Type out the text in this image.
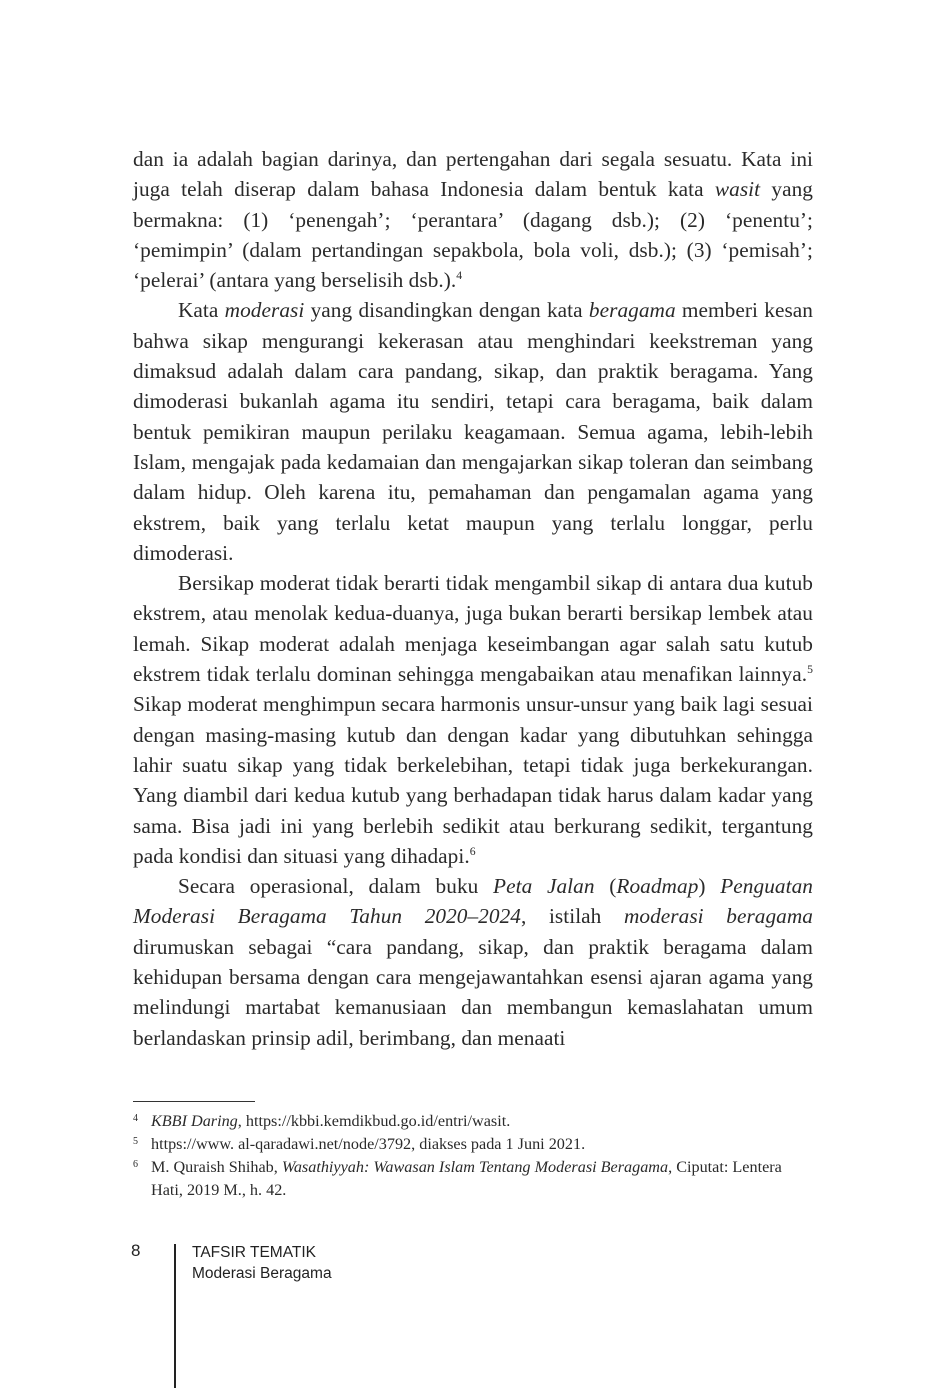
dan ia adalah bagian darinya, dan pertengahan dari segala sesuatu. Kata ini juga telah diserap dalam bahasa Indonesia dalam bentuk kata wasit yang bermakna: (1) ‘penengah’; ‘perantara’ (dagang dsb.); (2) ‘penentu’; ‘pemimpin’ (dalam pertandingan sepakbola, bola voli, dsb.); (3) ‘pemisah’; ‘pelerai’ (antara yang berselisih dsb.).$^4$

Kata moderasi yang disandingkan dengan kata beragama memberi kesan bahwa sikap mengurangi kekerasan atau menghindari keekstreman yang dimaksud adalah dalam cara pandang, sikap, dan praktik beragama. Yang dimoderasi bukanlah agama itu sendiri, tetapi cara beragama, baik dalam bentuk pemikiran maupun perilaku keagamaan. Semua agama, lebih-lebih Islam, mengajak pada kedamaian dan mengajarkan sikap toleran dan seimbang dalam hidup. Oleh karena itu, pemahaman dan pengamalan agama yang ekstrem, baik yang terlalu ketat maupun yang terlalu longgar, perlu dimoderasi.

Bersikap moderat tidak berarti tidak mengambil sikap di antara dua kutub ekstrem, atau menolak kedua-duanya, juga bukan berarti bersikap lembek atau lemah. Sikap moderat adalah menjaga keseimbangan agar salah satu kutub ekstrem tidak terlalu dominan sehingga mengabaikan atau menafikan lainnya.$^5$ Sikap moderat menghimpun secara harmonis unsur-unsur yang baik lagi sesuai dengan masing-masing kutub dan dengan kadar yang dibutuhkan sehingga lahir suatu sikap yang tidak berkelebihan, tetapi tidak juga berkekurangan. Yang diambil dari kedua kutub yang berhadapan tidak harus dalam kadar yang sama. Bisa jadi ini yang berlebih sedikit atau berkurang sedikit, tergantung pada kondisi dan situasi yang dihadapi.$^6$

Secara operasional, dalam buku Peta Jalan (Roadmap) Penguatan Moderasi Beragama Tahun 2020–2024, istilah moderasi beragama dirumuskan sebagai “cara pandang, sikap, dan praktik beragama dalam kehidupan bersama dengan cara mengejawantahkan esensi ajaran agama yang melindungi martabat kemanusiaan dan membangun kemaslahatan umum berlandaskan prinsip adil, berimbang, dan menaati

4 KBBI Daring, https://kbbi.kemdikbud.go.id/entri/wasit.
5 https://www. al-qaradawi.net/node/3792, diakses pada 1 Juni 2021.
6 M. Quraish Shihab, Wasathiyyah: Wawasan Islam Tentang Moderasi Beragama, Ciputat: Lentera Hati, 2019 M., h. 42.
8	TAFSIR TEMATIK
Moderasi Beragama
